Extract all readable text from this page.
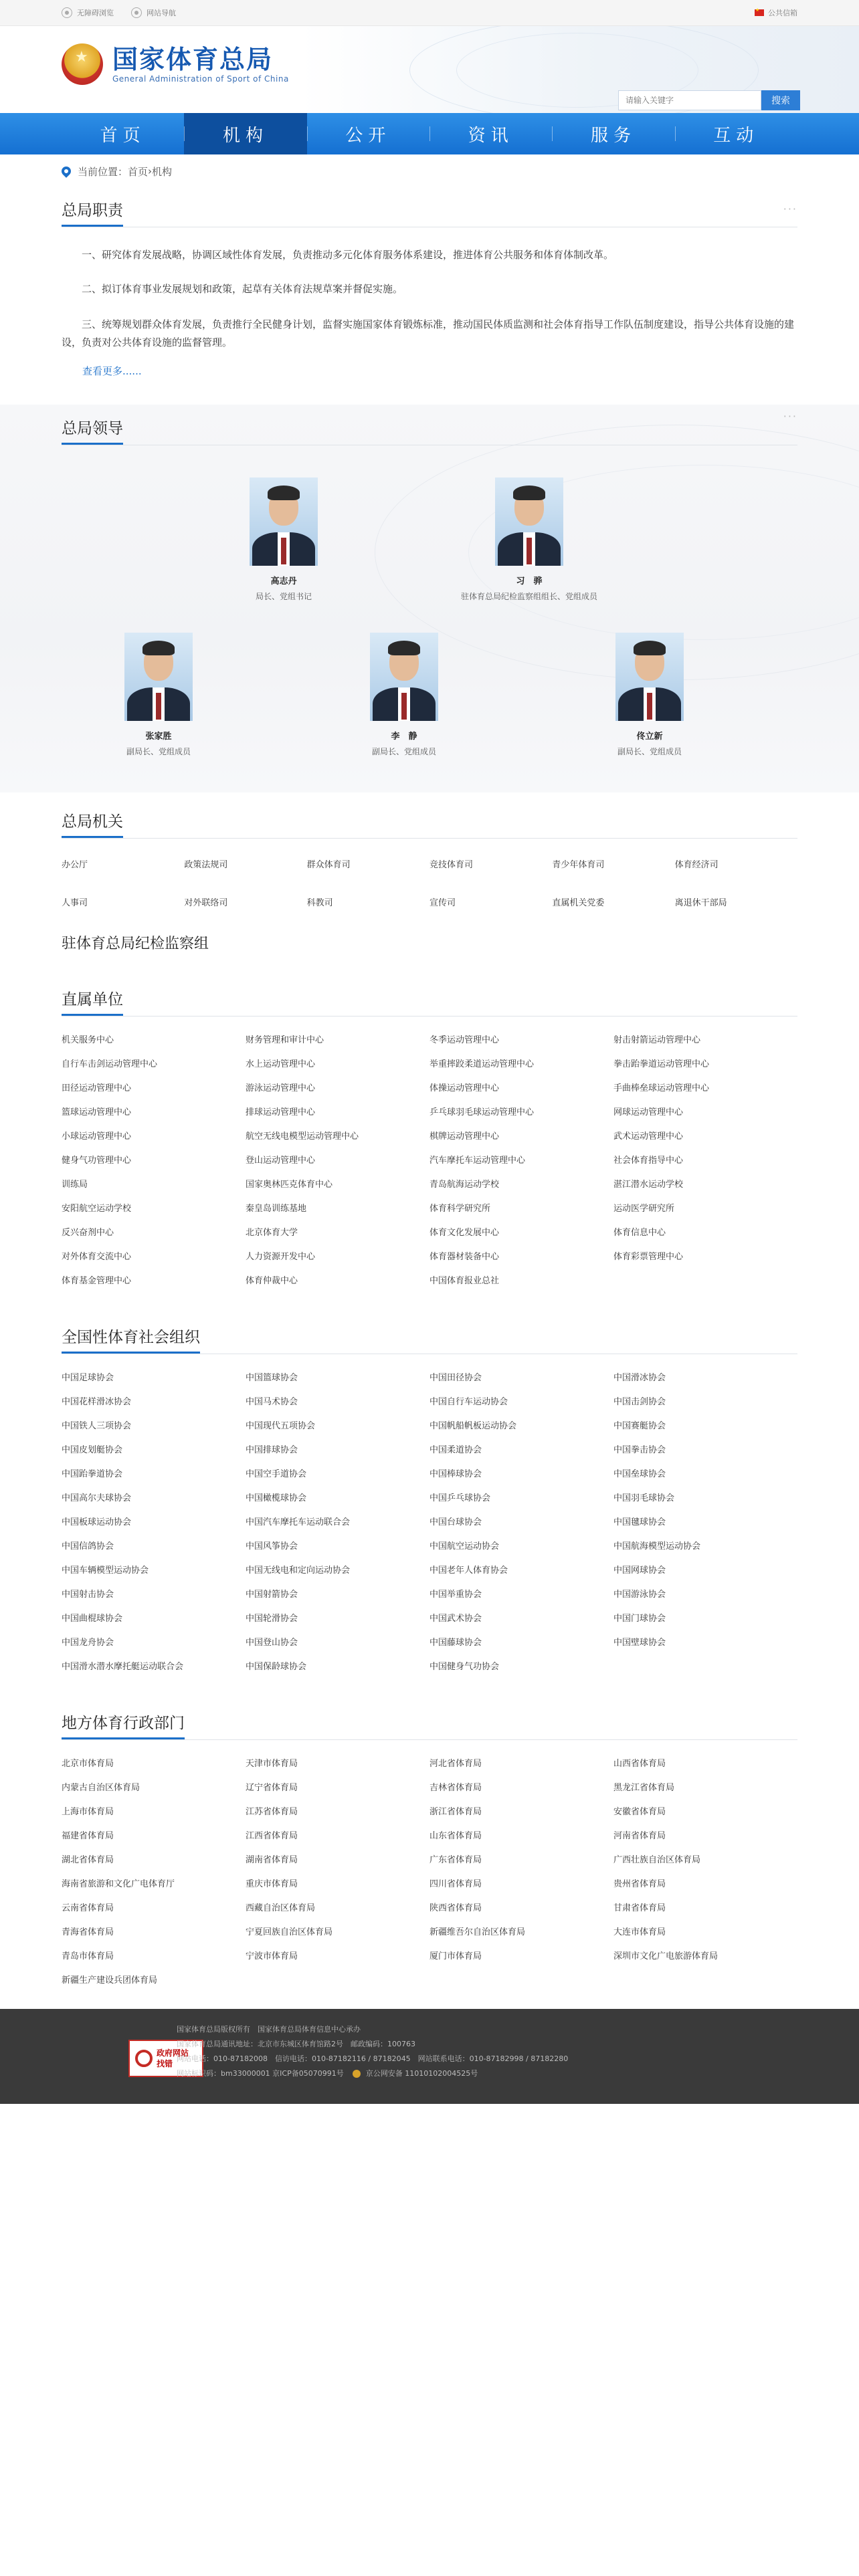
无障碍浏览	网站导航
★	公共信箱
★
国家体育总局
General Administration of Sport of China
请输入关键字
搜索
首页	机构	公开	资讯	服务	互动
当前位置： 首页 › 机构
总局职责	···

一、研究体育发展战略，协调区域性体育发展，负责推动多元化体育服务体系建设，推进体育公共服务和体育体制改革。

二、拟订体育事业发展规划和政策，起草有关体育法规草案并督促实施。

三、统筹规划群众体育发展，负责推行全民健身计划，监督实施国家体育锻炼标准，推动国民体质监测和社会体育指导工作队伍制度建设，指导公共体育设施的建设，负责对公共体育设施的监督管理。

查看更多......
总局领导
···
高志丹
局长、党组书记
习　骅
驻体育总局纪检监察组组长、党组成员
张家胜
副局长、党组成员
李　静
副局长、党组成员
佟立新
副局长、党组成员
总局机关
办公厅	政策法规司	群众体育司	竞技体育司	青少年体育司	体育经济司
人事司	对外联络司	科教司	宣传司	直属机关党委	离退休干部局
驻体育总局纪检监察组
直属单位
机关服务中心	财务管理和审计中心	冬季运动管理中心	射击射箭运动管理中心
自行车击剑运动管理中心	水上运动管理中心	举重摔跤柔道运动管理中心	拳击跆拳道运动管理中心
田径运动管理中心	游泳运动管理中心	体操运动管理中心	手曲棒垒球运动管理中心
篮球运动管理中心	排球运动管理中心	乒乓球羽毛球运动管理中心	网球运动管理中心
小球运动管理中心	航空无线电模型运动管理中心	棋牌运动管理中心	武术运动管理中心
健身气功管理中心	登山运动管理中心	汽车摩托车运动管理中心	社会体育指导中心
训练局	国家奥林匹克体育中心	青岛航海运动学校	湛江潜水运动学校
安阳航空运动学校	秦皇岛训练基地	体育科学研究所	运动医学研究所
反兴奋剂中心	北京体育大学	体育文化发展中心	体育信息中心
对外体育交流中心	人力资源开发中心	体育器材装备中心	体育彩票管理中心
体育基金管理中心	体育仲裁中心	中国体育报业总社
全国性体育社会组织
中国足球协会	中国篮球协会	中国田径协会	中国滑冰协会
中国花样滑冰协会	中国马术协会	中国自行车运动协会	中国击剑协会
中国铁人三项协会	中国现代五项协会	中国帆船帆板运动协会	中国赛艇协会
中国皮划艇协会	中国排球协会	中国柔道协会	中国拳击协会
中国跆拳道协会	中国空手道协会	中国棒球协会	中国垒球协会
中国高尔夫球协会	中国橄榄球协会	中国乒乓球协会	中国羽毛球协会
中国板球运动协会	中国汽车摩托车运动联合会	中国台球协会	中国毽球协会
中国信鸽协会	中国风筝协会	中国航空运动协会	中国航海模型运动协会
中国车辆模型运动协会	中国无线电和定向运动协会	中国老年人体育协会	中国网球协会
中国射击协会	中国射箭协会	中国举重协会	中国游泳协会
中国曲棍球协会	中国轮滑协会	中国武术协会	中国门球协会
中国龙舟协会	中国登山协会	中国藤球协会	中国壁球协会
中国滑水潜水摩托艇运动联合会	中国保龄球协会	中国健身气功协会
地方体育行政部门
北京市体育局	天津市体育局	河北省体育局	山西省体育局
内蒙古自治区体育局	辽宁省体育局	吉林省体育局	黑龙江省体育局
上海市体育局	江苏省体育局	浙江省体育局	安徽省体育局
福建省体育局	江西省体育局	山东省体育局	河南省体育局
湖北省体育局	湖南省体育局	广东省体育局	广西壮族自治区体育局
海南省旅游和文化广电体育厅	重庆市体育局	四川省体育局	贵州省体育局
云南省体育局	西藏自治区体育局	陕西省体育局	甘肃省体育局
青海省体育局	宁夏回族自治区体育局	新疆维吾尔自治区体育局	大连市体育局
青岛市体育局	宁波市体育局	厦门市体育局	深圳市文化广电旅游体育局
新疆生产建设兵团体育局
政府网站
找错
国家体育总局版权所有　国家体育总局体育信息中心承办
国家体育总局通讯地址：北京市东城区体育馆路2号　邮政编码：100763
网站电话：010-87182008　信访电话：010-87182116 / 87182045　网站联系电话：010-87182998 / 87182280
网站标识码：bm33000001 京ICP备05070991号	京公网安备 11010102004525号
